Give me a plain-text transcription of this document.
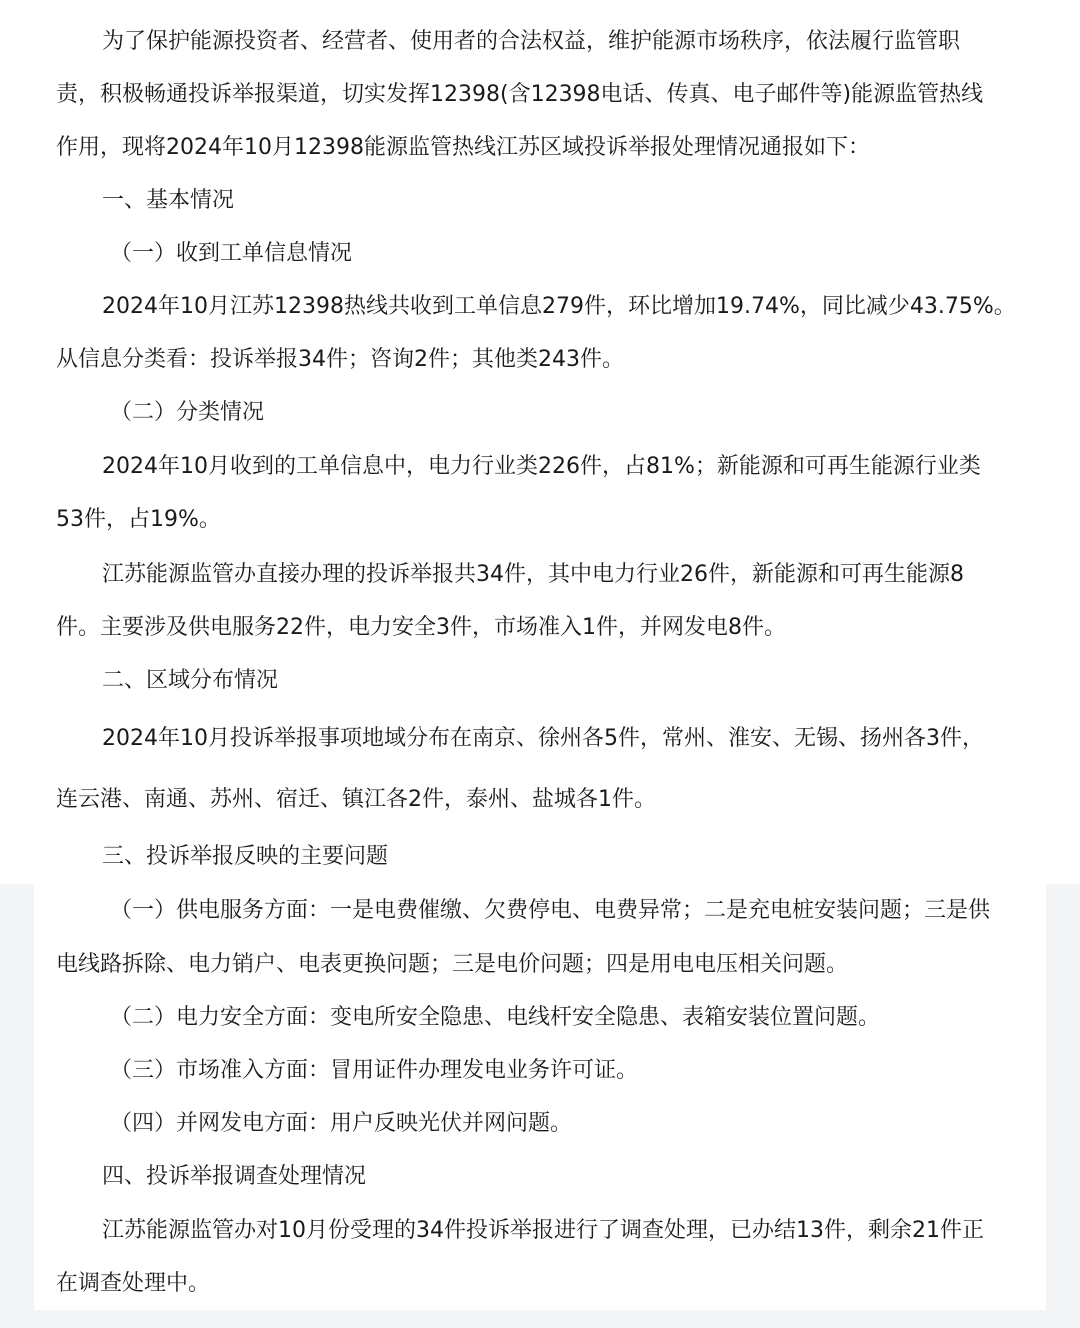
为了保护能源投资者、经营者、使用者的合法权益，维护能源市场秩序，依法履行监管职
责，积极畅通投诉举报渠道，切实发挥12398(含12398电话、传真、电子邮件等)能源监管热线
作用，现将2024年10月12398能源监管热线江苏区域投诉举报处理情况通报如下：
一、基本情况
（一）收到工单信息情况
2024年10月江苏12398热线共收到工单信息279件，环比增加19.74%，同比减少43.75%。
从信息分类看：投诉举报34件；咨询2件；其他类243件。
（二）分类情况
2024年10月收到的工单信息中，电力行业类226件，占81%；新能源和可再生能源行业类
53件，占19%。
江苏能源监管办直接办理的投诉举报共34件，其中电力行业26件，新能源和可再生能源8
件。主要涉及供电服务22件，电力安全3件，市场准入1件，并网发电8件。
二、区域分布情况
2024年10月投诉举报事项地域分布在南京、徐州各5件，常州、淮安、无锡、扬州各3件，
连云港、南通、苏州、宿迁、镇江各2件，泰州、盐城各1件。
三、投诉举报反映的主要问题
（一）供电服务方面：一是电费催缴、欠费停电、电费异常；二是充电桩安装问题；三是供
电线路拆除、电力销户、电表更换问题；三是电价问题；四是用电电压相关问题。
（二）电力安全方面：变电所安全隐患、电线杆安全隐患、表箱安装位置问题。
（三）市场准入方面：冒用证件办理发电业务许可证。
（四）并网发电方面：用户反映光伏并网问题。
四、投诉举报调查处理情况
江苏能源监管办对10月份受理的34件投诉举报进行了调查处理，已办结13件，剩余21件正
在调查处理中。
